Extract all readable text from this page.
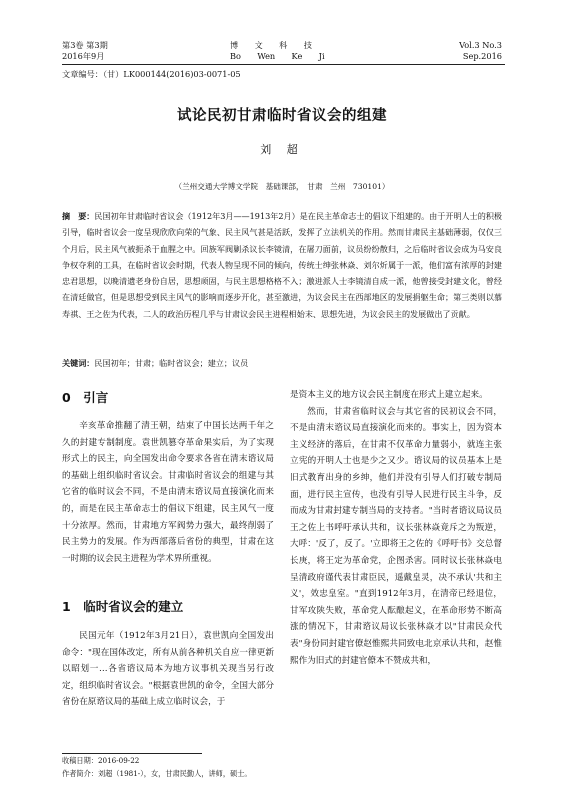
第3卷 第3期
2016年9月
博　　文　　科　　技
Bo　　Wen　　Ke　　Ji
Vol.3 No.3
Sep.2016
文章编号：（甘）LK000144(2016)03-0071-05
试论民初甘肃临时省议会的组建
刘 超
（兰州交通大学博文学院　基础课部，　甘肃　兰州　730101）
摘　要：民国初年甘肃临时省议会（1912年3月——1913年2月）是在民主革命志士的倡议下组建的。由于开明人士的积极引导，临时省议会一度呈现欣欣向荣的气象、民主风气甚是活跃，发挥了立法机关的作用。然而甘肃民主基础薄弱，仅仅三个月后，民主风气被扼杀于血腥之中。回族军阀剿杀议长李镜清，在屠刀面前，议员纷纷散归，之后临时省议会成为马安良争权夺利的工具，在临时省议会时期，代表人物呈现不同的倾向，传统士绅张林焱、刘尔炘属于一派，他们富有浓厚的封建忠君思想，以晚清遗老身份自居，思想顽固，与民主思想格格不入；激进派人士李镜清自成一派，他曾接受封建文化，曾经在清廷做官，但是思想受到民主风气的影响而逐步开化，甚至激进，为议会民主在西部地区的发展捐躯生命；第三类则以慕寿祺、王之佐为代表，二人的政治历程几乎与甘肃议会民主进程相始末、思想先进，为议会民主的发展做出了贡献。
关键词：民国初年；甘肃；临时省议会；建立；议员
0　引言

辛亥革命推翻了清王朝，结束了中国长达两千年之久的封建专制制度。袁世凯篡夺革命果实后，为了实现形式上的民主，向全国发出命令要求各省在清末谘议局的基础上组织临时省议会。甘肃临时省议会的组建与其它省的临时议会不同，不是由清末谘议局直接演化而来的，而是在民主革命志士的倡议下组建，民主风气一度十分浓厚。然而，甘肃地方军阀势力强大，最终削弱了民主势力的发展。作为西部落后省份的典型，甘肃在这一时期的议会民主进程为学术界所重视。

1　临时省议会的建立

民国元年（1912年3月21日），袁世凯向全国发出命令："现在国体改定，所有从前各种机关自应一律更新以昭划一…各省谘议局本为地方议事机关现当另行改定，组织临时省议会。"根据袁世凯的命令，全国大部分省份在原谘议局的基础上成立临时议会，于

收稿日期：2016-09-22
作者简介：刘超（1981-），女，甘肃民勤人，讲师，硕士。

是资本主义的地方议会民主制度在形式上建立起来。

然而，甘肃省临时议会与其它省的民初议会不同，不是由清末谘议局直接演化而来的。事实上，因为资本主义经济的落后，在甘肃不仅革命力量弱小，就连主张立宪的开明人士也是少之又少。谘议局的议员基本上是旧式教育出身的乡绅，他们并没有引导人们打破专制局面，进行民主宣传，也没有引导人民进行民主斗争，反而成为甘肃封建专制当局的支持者。"当时者谘议局议员王之佐上书呼吁承认共和，议长张林焱竟斥之为叛逆，大呼：'反了，反了。'立即将王之佐的《呼吁书》交总督长庚，将王定为革命党，企图杀害。同时议长张林焱电呈清政府谨代表甘肃臣民，遥戴皇灵，决不承认'共和主义'，效忠皇室。"直到1912年3月，在清帝已经退位，甘军攻陕失败，革命党人酝酿起义，在革命形势不断高涨的情况下，甘肃谘议局议长张林焱才以"甘肃民众代表"身份同封建官僚赵惟熙共同致电北京承认共和，赵惟熙作为旧式的封建官僚本不赞成共和，
